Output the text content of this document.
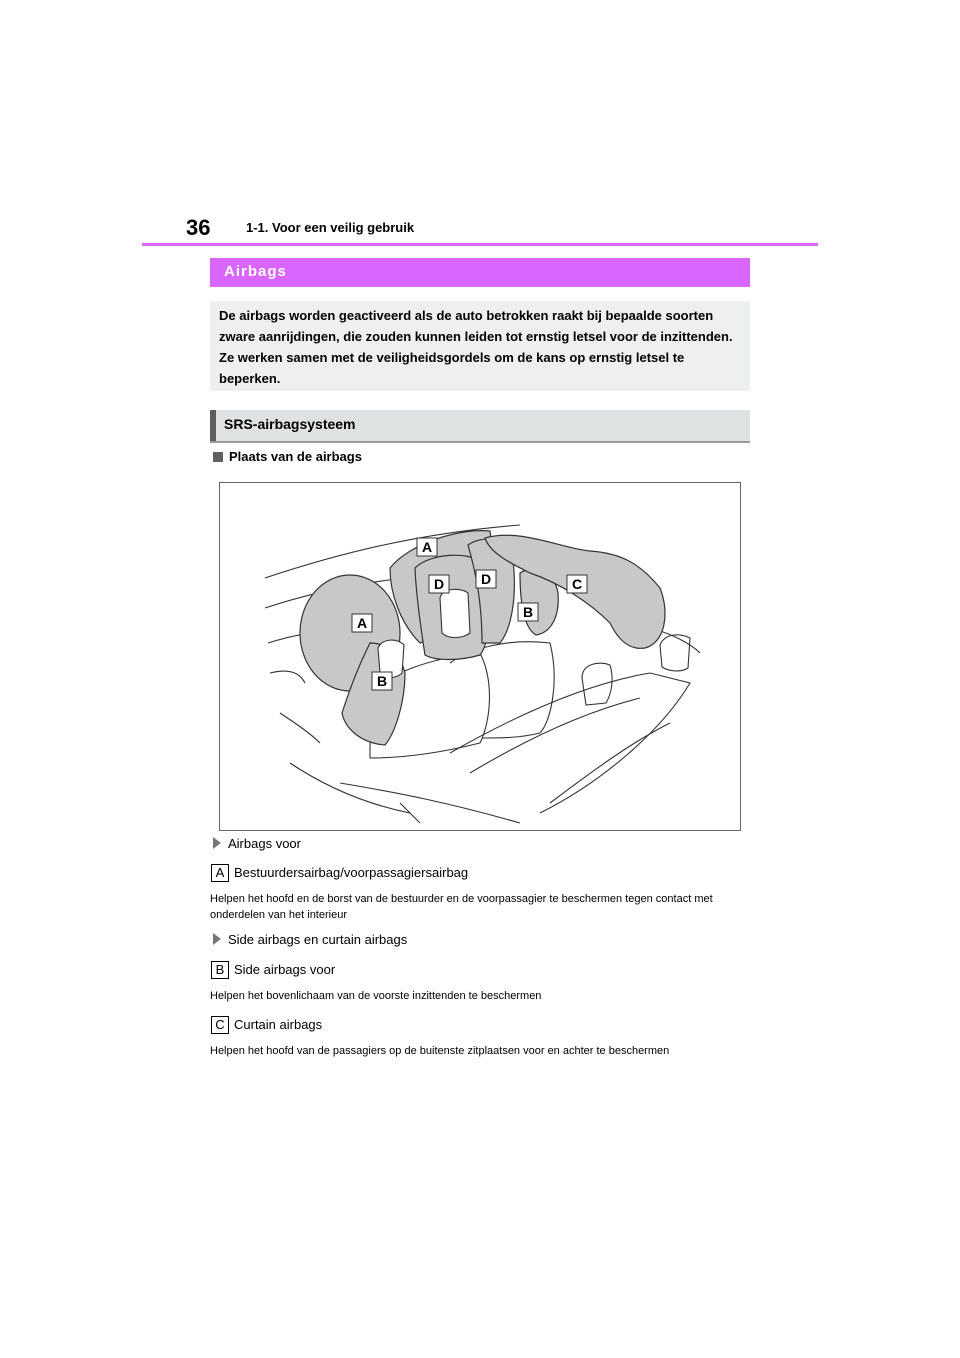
36	1-1. Voor een veilig gebruik
Airbags

De airbags worden geactiveerd als de auto betrokken raakt bij bepaalde soorten zware aanrijdingen, die zouden kunnen leiden tot ernstig letsel voor de inzittenden. Ze werken samen met de veiligheidsgordels om de kans op ernstig letsel te beperken.

SRS-airbagsysteem
Plaats van de airbags
A
A
B
B
C
D	D
Airbags voor
A Bestuurdersairbag/voorpassagiersairbag
Helpen het hoofd en de borst van de bestuurder en de voorpassagier te beschermen tegen contact met onderdelen van het interieur
Side airbags en curtain airbags
B Side airbags voor
Helpen het bovenlichaam van de voorste inzittenden te beschermen
C Curtain airbags
Helpen het hoofd van de passagiers op de buitenste zitplaatsen voor en achter te beschermen
